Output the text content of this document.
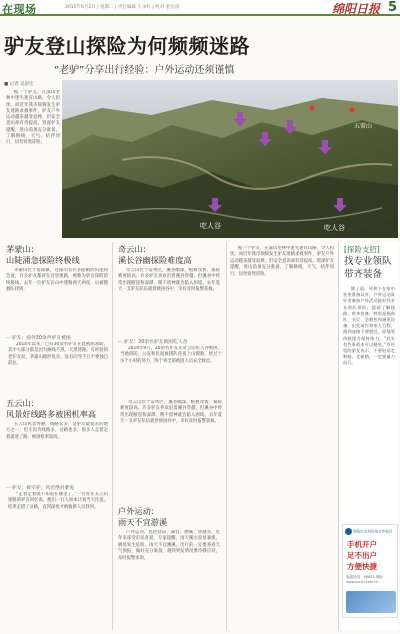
在现场	2015年6月2日 | 星期二 | 责任编辑 王永红 | 校对 金岳清	绵阳日报 5
驴友登山探险为何频频迷路
“老驴”分享出行经验：户外运动还须谨慎
■ 记者 吴彩宏
据一个驴友，在深山老林中迷失迷有山路，令人担忧。而近年我市频频发生驴友迷路求救事件，驴友户外运动越来越受追捧，但安全意识却有待提高。资深驴友提醒，进山前须充分准备，了解路线、天气，结伴同行，切勿贸然冒险。
五雷山
吃人谷	吃人谷
茅蒙山：
山陡涌急探险终极线
茅蒙山位于南部镇，这座山有许多陡峭的山崖和急流，许多驴友都曾在这里迷路，被称为驴友探险的终极线。去年一位驴友在山中迷路两天两夜，后被搜救队找到。
— 驴友：惊外30余声驴友被困
2014年以来，已有30余名驴友在此被困求助，其中大部分都是因为路线不熟、天黑迷路。有经验的老驴友说，茅蒙山地形复杂，没有向导千万不要独自前往。
五云山：
风景好线路多被困机率高
五云山风景秀丽，线路众多，是驴友最爱去的地方之一。但正因为线路多，岔路也多，很多人走着走着就迷了路，被困机率较高。
— 驴友：被宰驴，风光绝对难免
“走着走着就不知道在哪里了。”一位曾在五云山迷路的驴友回忆说，他们一行人原本计划当天往返，结果走错了岔路，直到深夜才被救援人员找到。
奇云山：
溪长谷幽探险难度高
奇云山位于安州区，溪谷幽深，植被茂密，探险难度较高。许多驴友喜欢沿着溪谷穿越，但溪谷中经常出现断崖和深潭，稍不留神就会陷入困境。去年夏天一支驴友队伍就曾被困谷中，幸好及时报警获救。
— 驴友：20余名驴友被困吃人谷
2014年9月，20余名驴友在奇云山吃人谷被困，当地消防、公安和民间救援队连夜上山搜救，经过十多个小时的努力，终于将全部被困人员安全救出。
奇云山位于安州区，溪谷幽深，植被茂密，探险难度较高。许多驴友喜欢沿着溪谷穿越，但溪谷中经常出现断崖和深潭，稍不留神就会陷入困境。去年夏天一支驴友队伍就曾被困谷中，幸好及时报警获救。
户外运动：
雨天不宜游溪
户外运动，包括登山、露营、溯溪、穿越等，近年来深受市民喜爱。专家提醒，雨天溪水容易暴涨，极易发生危险，雨天不宜溯溪。出行前一定要查看天气预报，做好充分准备，遇到突发情况要冷静应对，及时报警求助。
据一个驴友，在深山老林中迷失迷有山路，令人担忧。而近年我市频频发生驴友迷路求救事件，驴友户外运动越来越受追捧，但安全意识却有待提高。资深驴友提醒，进山前须充分准备，了解路线、天气，结伴同行，切勿贸然冒险。
[探险支招]
找专业领队
带齐装备
除了雨，风和个在家中室里准备以外，户外运动爱好者参加户外活动最好找专业领队带队，提前了解线路，带齐装备，特别是指南针、头灯、急救包和通讯设备。出发前告知家人行程，遇到迷路不要慌乱，原地等待救援并保持体力。“其实有些事故本可以避免。”有经验的驴友表示，不要轻易走野路、走新路，一定要量力而行。
绵阳市农村信用合作联社
手机开户
足不出户
方便快捷
客服热线：96633 网址：www.scrcu.com.cn
